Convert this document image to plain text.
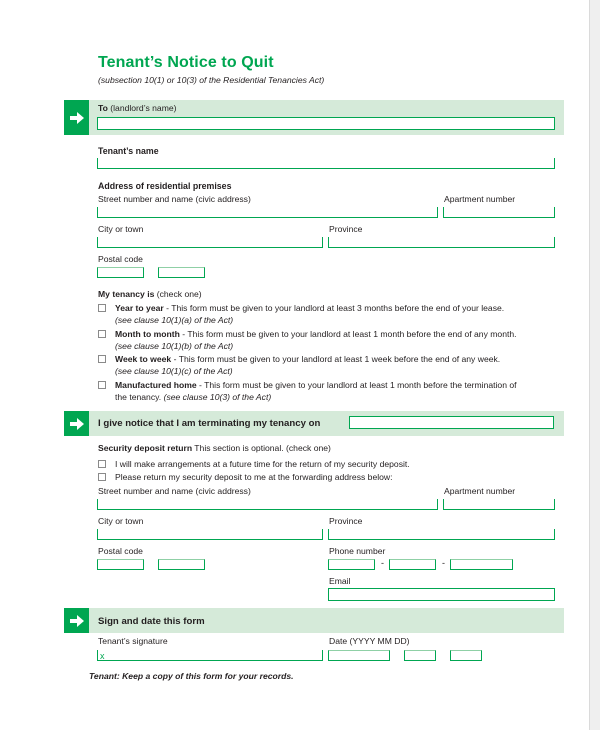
Tenant’s Notice to Quit
(subsection 10(1) or 10(3) of the Residential Tenancies Act)
To (landlord’s name)
Tenant’s name
Address of residential premises
Street number and name (civic address)	Apartment number
City or town	Province
Postal code
My tenancy is (check one)
Year to year - This form must be given to your landlord at least 3 months before the end of your lease.
(see clause 10(1)(a) of the Act)
Month to month - This form must be given to your landlord at least 1 month before the end of any month.
(see clause 10(1)(b) of the Act)
Week to week - This form must be given to your landlord at least 1 week before the end of any week.
(see clause 10(1)(c) of the Act)
Manufactured home - This form must be given to your landlord at least 1 month before the termination of
the tenancy. (see clause 10(3) of the Act)
I give notice that I am terminating my tenancy on
Security deposit return This section is optional. (check one)
I will make arrangements at a future time for the return of my security deposit.
Please return my security deposit to me at the forwarding address below:
Street number and name (civic address)	Apartment number
City or town	Province
Postal code	Phone number
-	-
Email
Sign and date this form
Tenant’s signature	Date (YYYY MM DD)
x
Tenant: Keep a copy of this form for your records.
